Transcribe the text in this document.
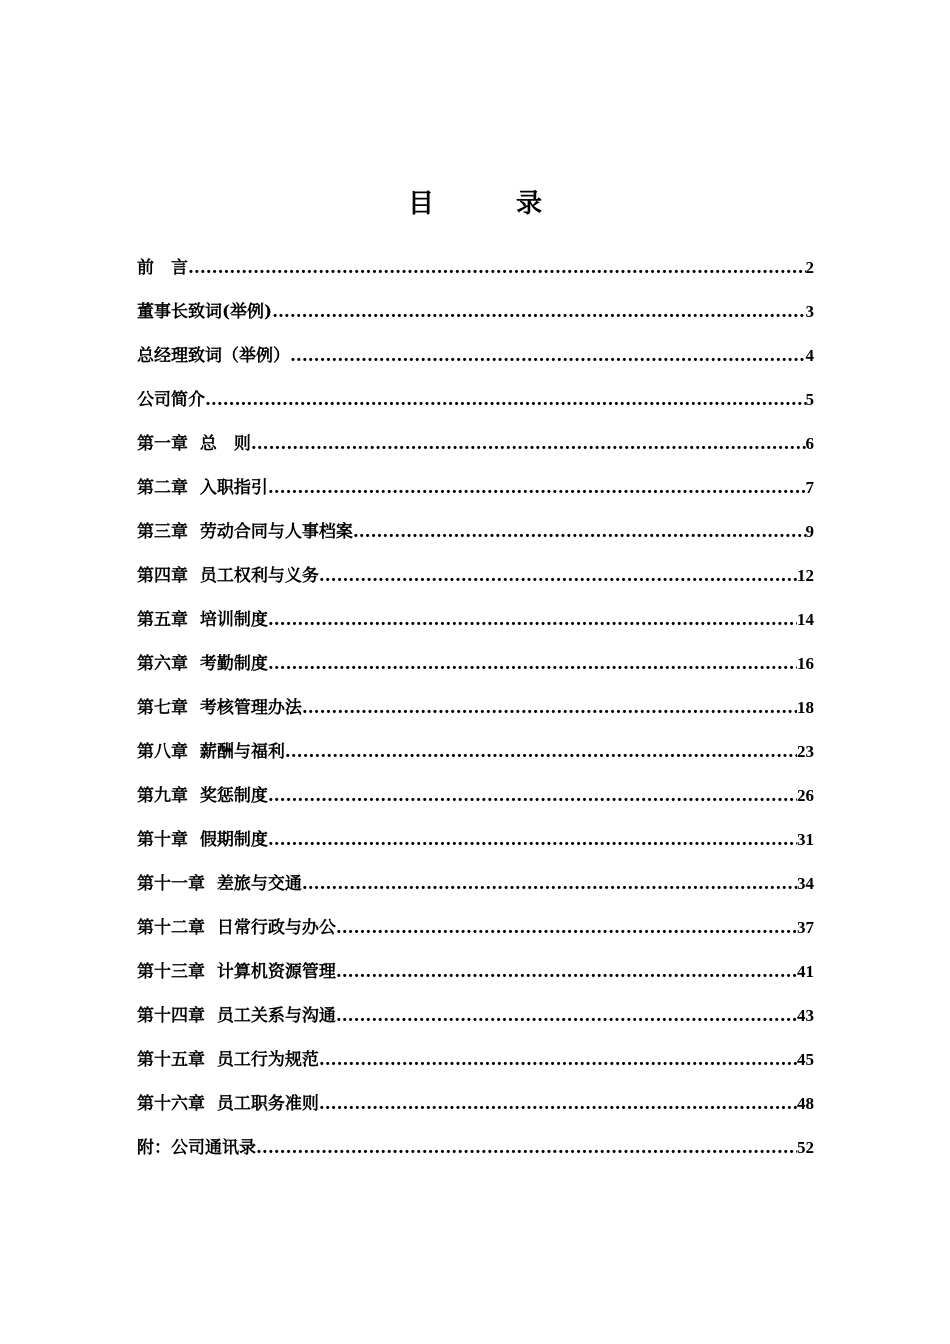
目　录
前　言 .....	2
董事长致词(举例) .....	3
总经理致词（举例） .....	4
公司简介 .....	5
第一章  总　则 .....	6
第二章  入职指引 .....	7
第三章  劳动合同与人事档案 .....	9
第四章  员工权利与义务 .....	12
第五章  培训制度 .....	14
第六章  考勤制度 .....	16
第七章  考核管理办法 .....	18
第八章  薪酬与福利 .....	23
第九章  奖惩制度 .....	26
第十章  假期制度 .....	31
第十一章  差旅与交通 .....	34
第十二章  日常行政与办公 .....	37
第十三章  计算机资源管理 .....	41
第十四章  员工关系与沟通 .....	43
第十五章  员工行为规范 .....	45
第十六章  员工职务准则 .....	48
附：公司通讯录 .....	52
